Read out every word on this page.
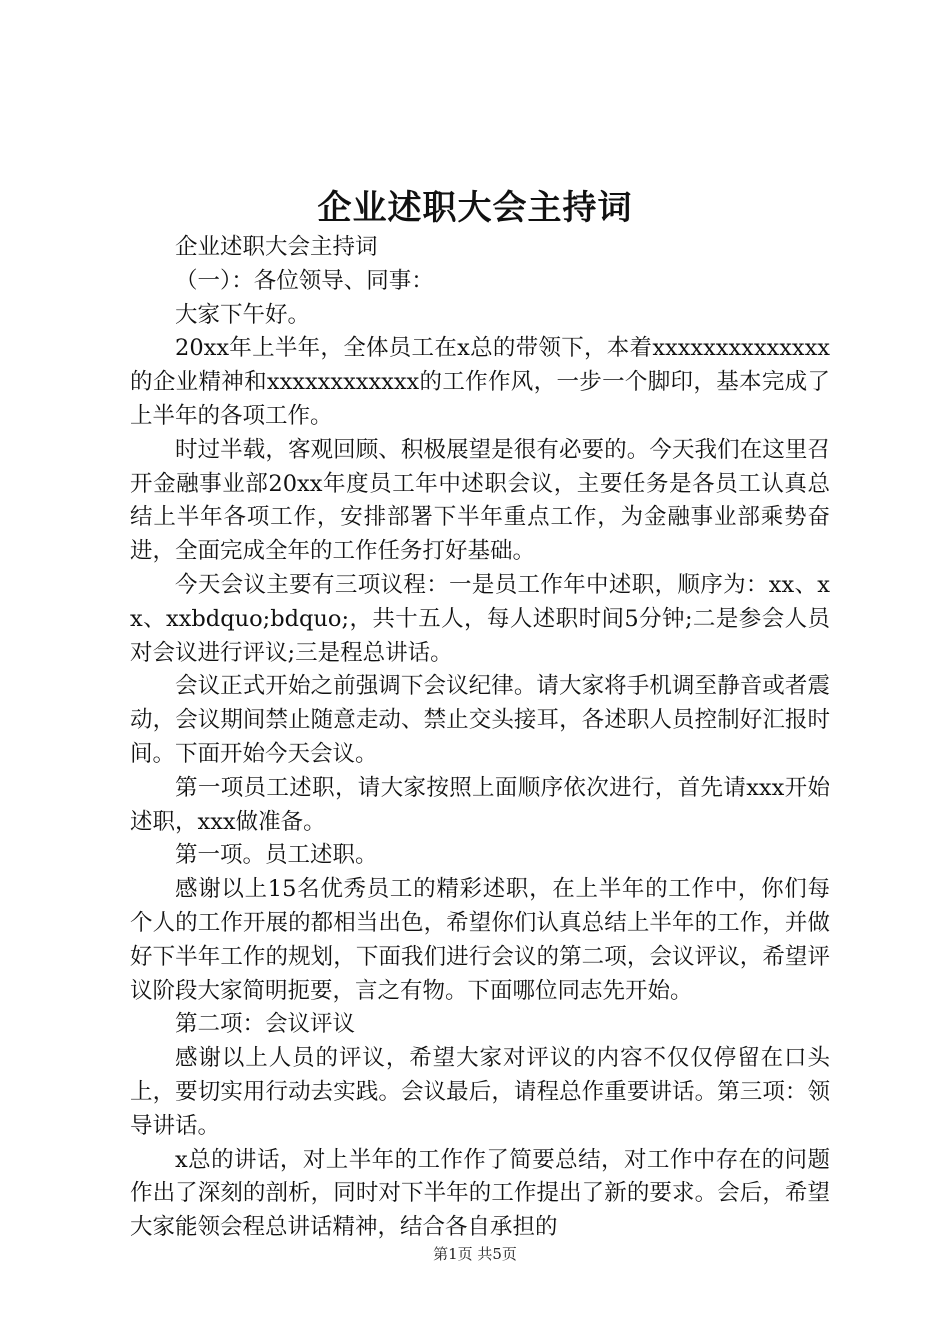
企业述职大会主持词

企业述职大会主持词

（一）：各位领导、同事：

大家下午好。

20xx年上半年，全体员工在x总的带领下，本着xxxxxxxxxxxxxx的企业精神和xxxxxxxxxxxx的工作作风，一步一个脚印，基本完成了上半年的各项工作。

时过半载，客观回顾、积极展望是很有必要的。今天我们在这里召开金融事业部20xx年度员工年中述职会议，主要任务是各员工认真总结上半年各项工作，安排部署下半年重点工作，为金融事业部乘势奋进，全面完成全年的工作任务打好基础。

今天会议主要有三项议程：一是员工作年中述职，顺序为：xx、xx、xxbdquo;bdquo;，共十五人，每人述职时间5分钟;二是参会人员对会议进行评议;三是程总讲话。

会议正式开始之前强调下会议纪律。请大家将手机调至静音或者震动，会议期间禁止随意走动、禁止交头接耳，各述职人员控制好汇报时间。下面开始今天会议。

第一项员工述职，请大家按照上面顺序依次进行，首先请xxx开始述职，xxx做准备。

第一项。员工述职。

感谢以上15名优秀员工的精彩述职，在上半年的工作中，你们每个人的工作开展的都相当出色，希望你们认真总结上半年的工作，并做好下半年工作的规划，下面我们进行会议的第二项，会议评议，希望评议阶段大家简明扼要，言之有物。下面哪位同志先开始。

第二项：会议评议

感谢以上人员的评议，希望大家对评议的内容不仅仅停留在口头上，要切实用行动去实践。会议最后，请程总作重要讲话。第三项：领导讲话。

x总的讲话，对上半年的工作作了简要总结，对工作中存在的问题作出了深刻的剖析，同时对下半年的工作提出了新的要求。会后，希望大家能领会程总讲话精神，结合各自承担的

第1页 共5页
